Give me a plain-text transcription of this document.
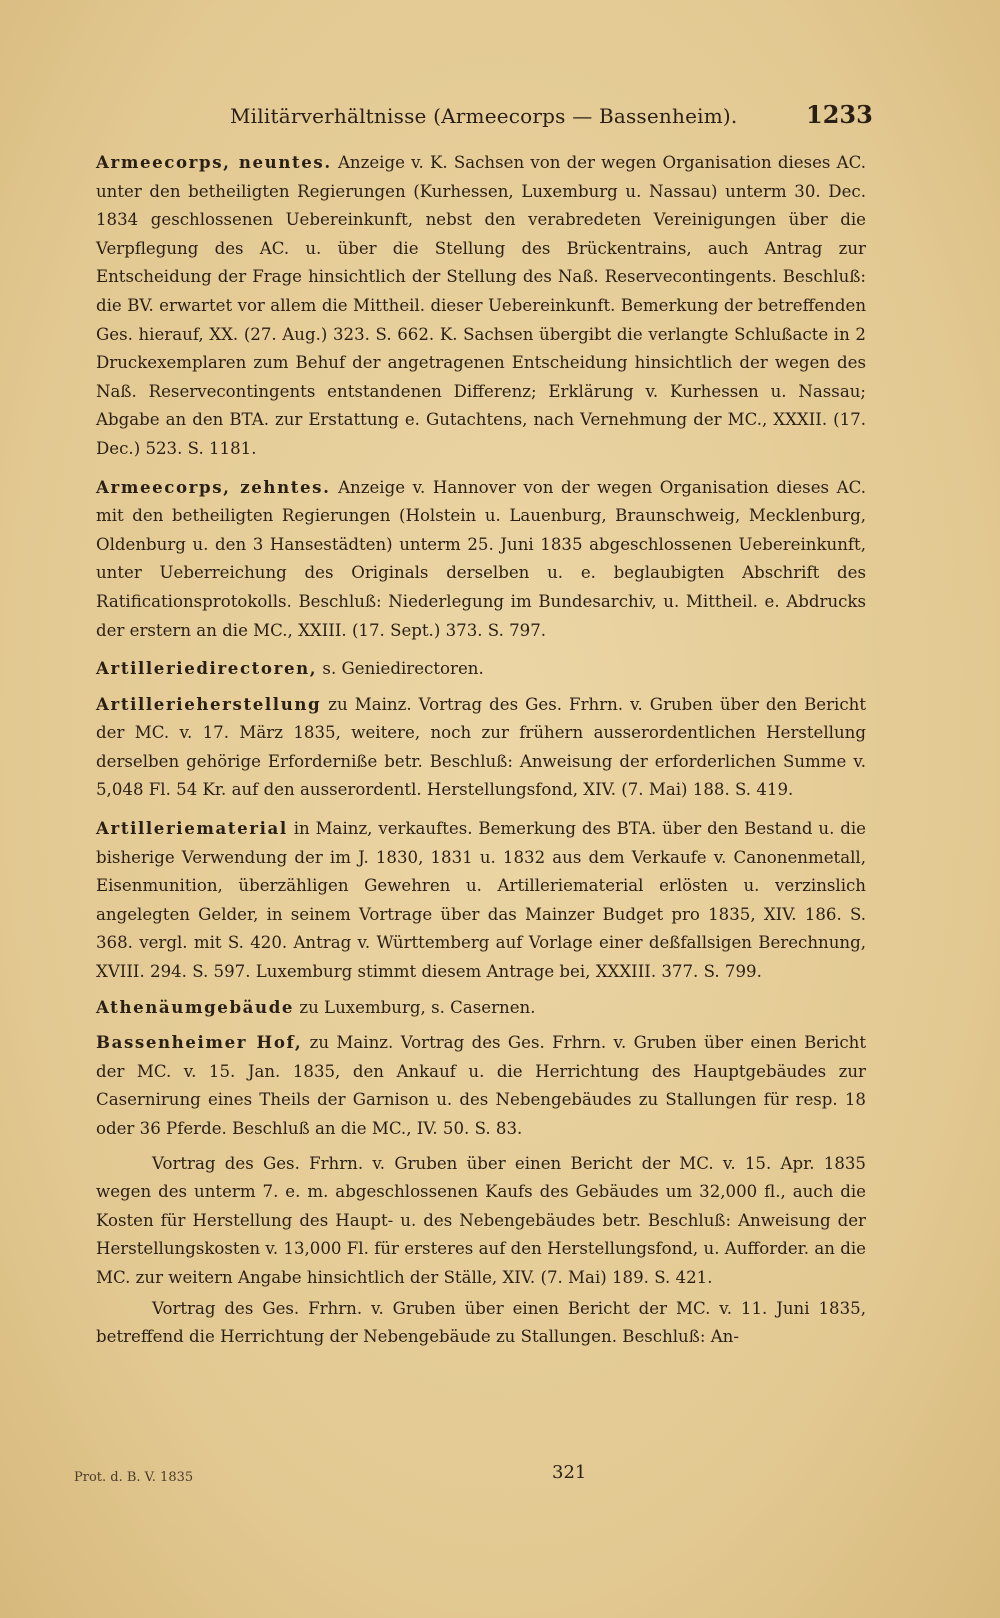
Militärverhältnisse (Armeecorps — Bassenheim).	1233
Armeecorps, neuntes. Anzeige v. K. Sachsen von der wegen Organisation dieses AC. unter den betheiligten Regierungen (Kurhessen, Luxemburg u. Nassau) unterm 30. Dec. 1834 geschlossenen Uebereinkunft, nebst den verabredeten Vereinigungen über die Verpflegung des AC. u. über die Stellung des Brückentrains, auch Antrag zur Entscheidung der Frage hinsichtlich der Stellung des Naß. Reservecontingents. Beschluß: die BV. erwartet vor allem die Mittheil. dieser Uebereinkunft. Bemerkung der betreffenden Ges. hierauf, XX. (27. Aug.) 323. S. 662. K. Sachsen übergibt die verlangte Schlußacte in 2 Druckexemplaren zum Behuf der angetragenen Entscheidung hinsichtlich der wegen des Naß. Reservecontingents entstandenen Differenz; Erklärung v. Kurhessen u. Nassau; Abgabe an den BTA. zur Erstattung e. Gutachtens, nach Vernehmung der MC., XXXII. (17. Dec.) 523. S. 1181.
Armeecorps, zehntes. Anzeige v. Hannover von der wegen Organisation dieses AC. mit den betheiligten Regierungen (Holstein u. Lauenburg, Braunschweig, Mecklenburg, Oldenburg u. den 3 Hansestädten) unterm 25. Juni 1835 abgeschlossenen Uebereinkunft, unter Ueberreichung des Originals derselben u. e. beglaubigten Abschrift des Ratificationsprotokolls. Beschluß: Niederlegung im Bundesarchiv, u. Mittheil. e. Abdrucks der erstern an die MC., XXIII. (17. Sept.) 373. S. 797.
Artilleriedirectoren, s. Geniedirectoren.
Artillerieherstellung zu Mainz. Vortrag des Ges. Frhrn. v. Gruben über den Bericht der MC. v. 17. März 1835, weitere, noch zur frühern ausserordentlichen Herstellung derselben gehörige Erforderniße betr. Beschluß: Anweisung der erforderlichen Summe v. 5,048 Fl. 54 Kr. auf den ausserordentl. Herstellungsfond, XIV. (7. Mai) 188. S. 419.
Artilleriematerial in Mainz, verkauftes. Bemerkung des BTA. über den Bestand u. die bisherige Verwendung der im J. 1830, 1831 u. 1832 aus dem Verkaufe v. Canonenmetall, Eisenmunition, überzähligen Gewehren u. Artilleriematerial erlösten u. verzinslich angelegten Gelder, in seinem Vortrage über das Mainzer Budget pro 1835, XIV. 186. S. 368. vergl. mit S. 420. Antrag v. Württemberg auf Vorlage einer deßfallsigen Berechnung, XVIII. 294. S. 597. Luxemburg stimmt diesem Antrage bei, XXXIII. 377. S. 799.
Athenäumgebäude zu Luxemburg, s. Casernen.
Bassenheimer Hof, zu Mainz. Vortrag des Ges. Frhrn. v. Gruben über einen Bericht der MC. v. 15. Jan. 1835, den Ankauf u. die Herrichtung des Hauptgebäudes zur Casernirung eines Theils der Garnison u. des Nebengebäudes zu Stallungen für resp. 18 oder 36 Pferde. Beschluß an die MC., IV. 50. S. 83.
Vortrag des Ges. Frhrn. v. Gruben über einen Bericht der MC. v. 15. Apr. 1835 wegen des unterm 7. e. m. abgeschlossenen Kaufs des Gebäudes um 32,000 fl., auch die Kosten für Herstellung des Haupt- u. des Nebengebäudes betr. Beschluß: Anweisung der Herstellungskosten v. 13,000 Fl. für ersteres auf den Herstellungsfond, u. Aufforder. an die MC. zur weitern Angabe hinsichtlich der Ställe, XIV. (7. Mai) 189. S. 421.
Vortrag des Ges. Frhrn. v. Gruben über einen Bericht der MC. v. 11. Juni 1835, betreffend die Herrichtung der Nebengebäude zu Stallungen. Beschluß: An-
Prot. d. B. V. 1835	321
